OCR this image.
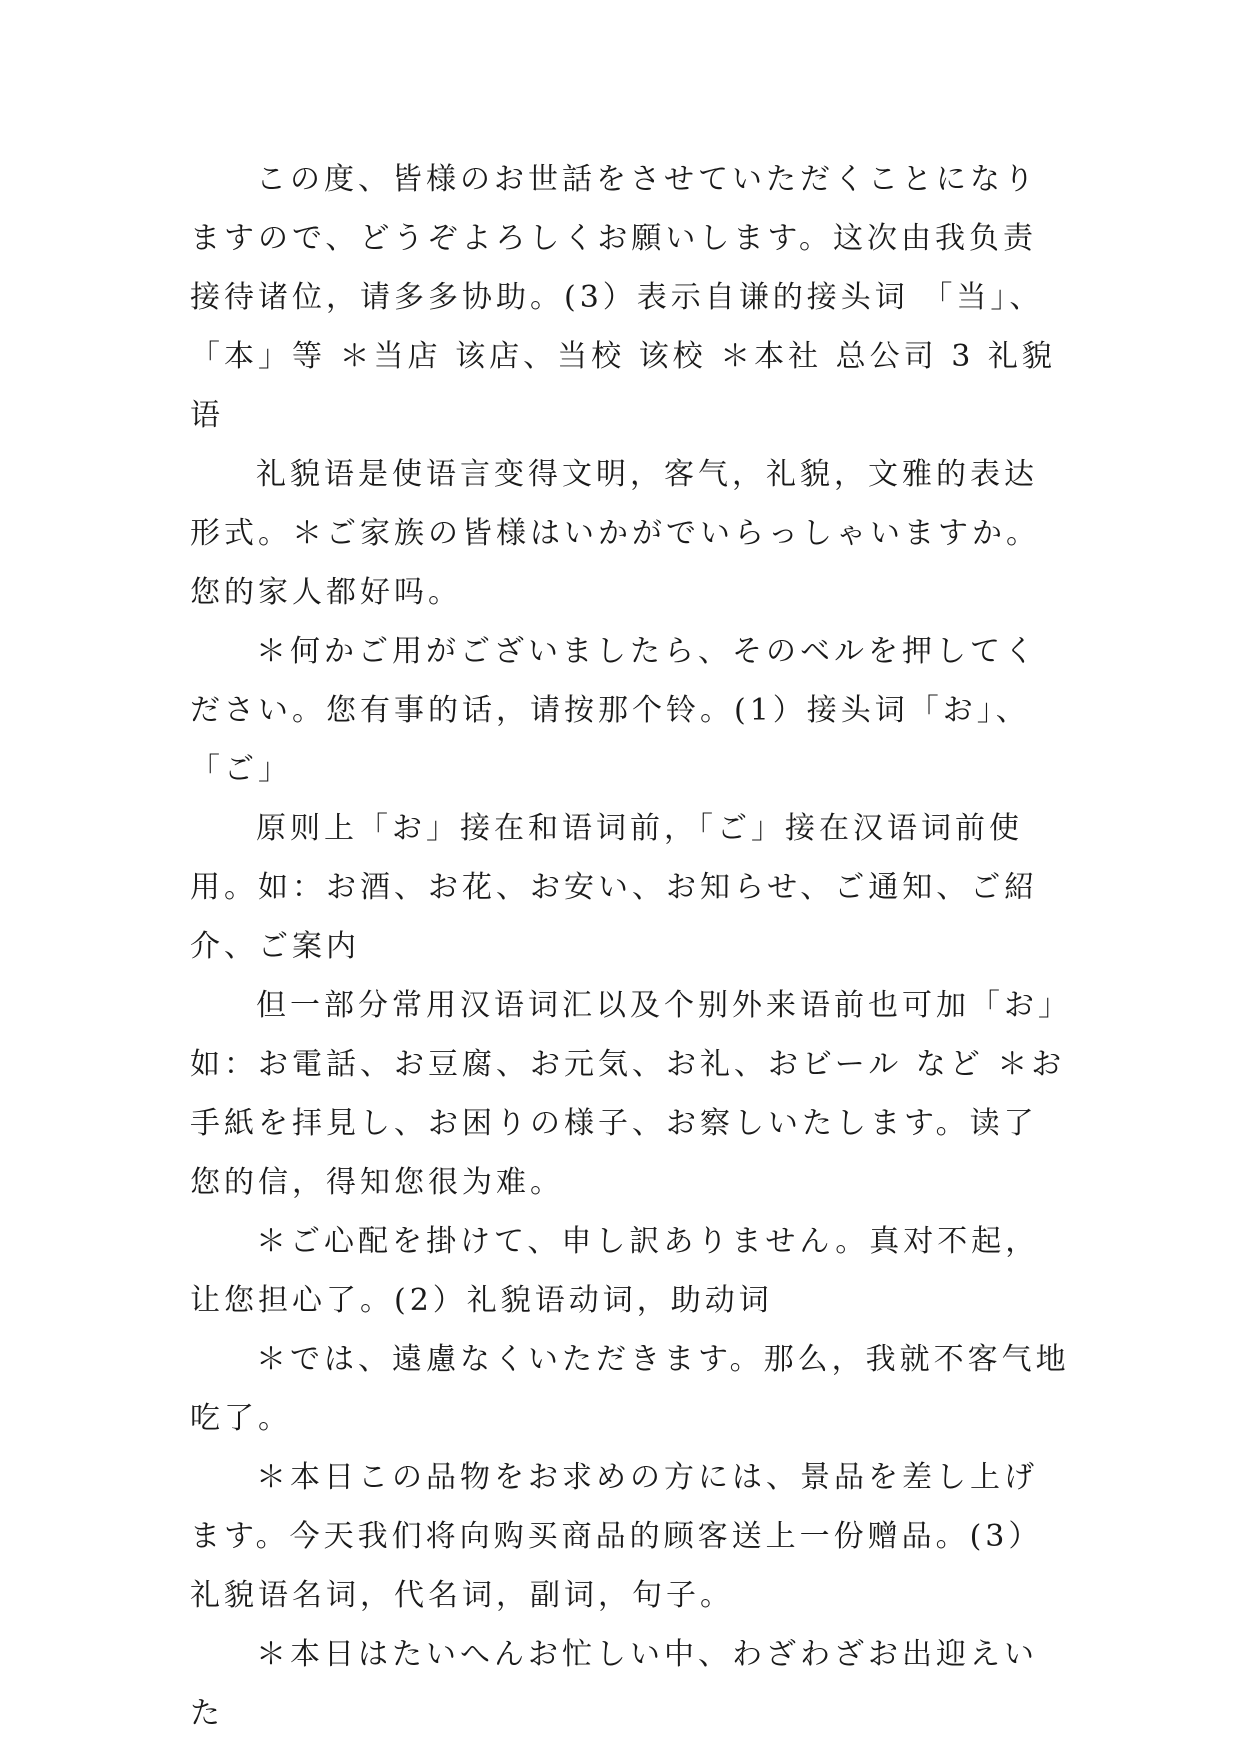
この度、皆様のお世話をさせていただくことになりますので、どうぞよろしくお願いします。这次由我负责接待诸位，请多多协助。(3）表示自谦的接头词 「当」、「本」等 ＊当店 该店、当校 该校 ＊本社 总公司 3 礼貌语

礼貌语是使语言变得文明，客气，礼貌，文雅的表达形式。＊ご家族の皆様はいかがでいらっしゃいますか。您的家人都好吗。

＊何かご用がございましたら、そのベルを押してください。您有事的话，请按那个铃。(1）接头词「お」、「ご」

原则上「お」接在和语词前，「ご」接在汉语词前使用。如：お酒、お花、お安い、お知らせ、ご通知、ご紹介、ご案内

但一部分常用汉语词汇以及个别外来语前也可加「お」如：お電話、お豆腐、お元気、お礼、おビール など ＊お手紙を拝見し、お困りの様子、お察しいたします。读了您的信，得知您很为难。

＊ご心配を掛けて、申し訳ありません。真对不起，让您担心了。(2）礼貌语动词，助动词

＊では、遠慮なくいただきます。那么，我就不客气地吃了。

＊本日この品物をお求めの方には、景品を差し上げます。今天我们将向购买商品的顾客送上一份赠品。(3）礼貌语名词，代名词，副词，句子。

＊本日はたいへんお忙しい中、わざわざお出迎えいた
